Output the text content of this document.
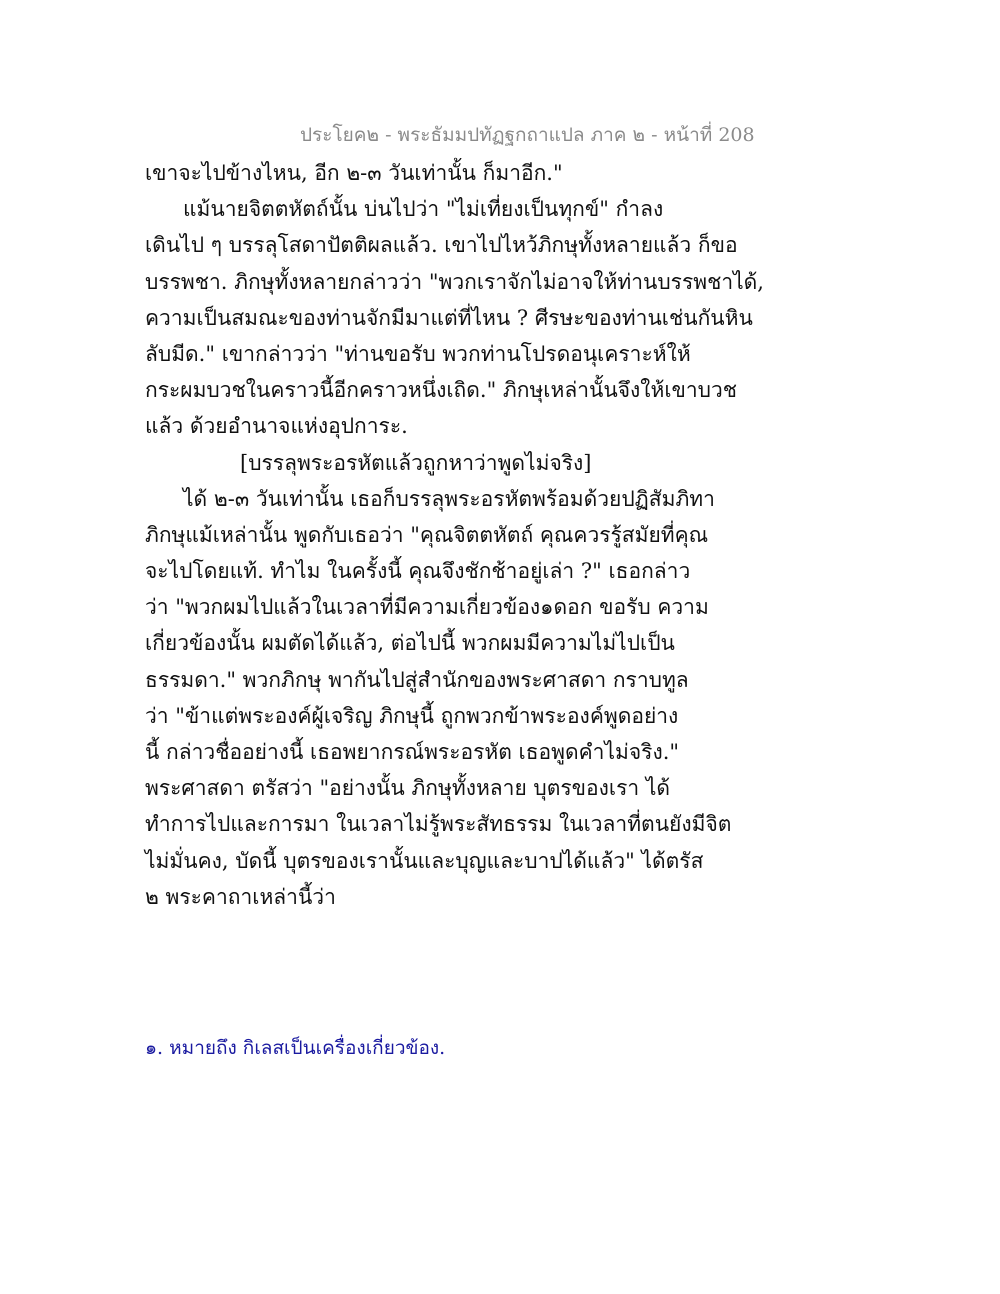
ประโยค๒ - พระธัมมปทัฏฐกถาแปล ภาค ๒ - หน้าที่ 208
เขาจะไปข้างไหน, อีก ๒-๓ วันเท่านั้น ก็มาอีก."
แม้นายจิตตหัตถ์นั้น บ่นไปว่า "ไม่เที่ยงเป็นทุกข์" กำลง
เดินไป ๆ บรรลุโสดาปัตติผลแล้ว. เขาไปไหว้ภิกษุทั้งหลายแล้ว ก็ขอ
บรรพชา. ภิกษุทั้งหลายกล่าวว่า "พวกเราจักไม่อาจให้ท่านบรรพชาได้,
ความเป็นสมณะของท่านจักมีมาแต่ที่ไหน ? ศีรษะของท่านเช่นกันหิน
ลับมีด." เขากล่าวว่า "ท่านขอรับ พวกท่านโปรดอนุเคราะห์ให้
กระผมบวชในคราวนี้อีกคราวหนึ่งเถิด." ภิกษุเหล่านั้นจึงให้เขาบวช
แล้ว ด้วยอำนาจแห่งอุปการะ.
[บรรลุพระอรหัตแล้วถูกหาว่าพูดไม่จริง]
ได้ ๒-๓ วันเท่านั้น เธอก็บรรลุพระอรหัตพร้อมด้วยปฏิสัมภิทา
ภิกษุแม้เหล่านั้น พูดกับเธอว่า "คุณจิตตหัตถ์ คุณควรรู้สมัยที่คุณ
จะไปโดยแท้. ทำไม ในครั้งนี้ คุณจึงชักช้าอยู่เล่า ?" เธอกล่าว
ว่า "พวกผมไปแล้วในเวลาที่มีความเกี่ยวข้อง๑ดอก ขอรับ ความ
เกี่ยวข้องนั้น ผมตัดได้แล้ว, ต่อไปนี้ พวกผมมีความไม่ไปเป็น
ธรรมดา." พวกภิกษุ พากันไปสู่สำนักของพระศาสดา กราบทูล
ว่า "ข้าแต่พระองค์ผู้เจริญ ภิกษุนี้ ถูกพวกข้าพระองค์พูดอย่าง
นี้ กล่าวชื่ออย่างนี้ เธอพยากรณ์พระอรหัต เธอพูดคำไม่จริง."
พระศาสดา ตรัสว่า "อย่างนั้น ภิกษุทั้งหลาย บุตรของเรา ได้
ทำการไปและการมา ในเวลาไม่รู้พระสัทธรรม ในเวลาที่ตนยังมีจิต
ไม่มั่นคง, บัดนี้ บุตรของเรานั้นและบุญและบาปได้แล้ว" ได้ตรัส
๒ พระคาถาเหล่านี้ว่า
๑. หมายถึง กิเลสเป็นเครื่องเกี่ยวข้อง.
